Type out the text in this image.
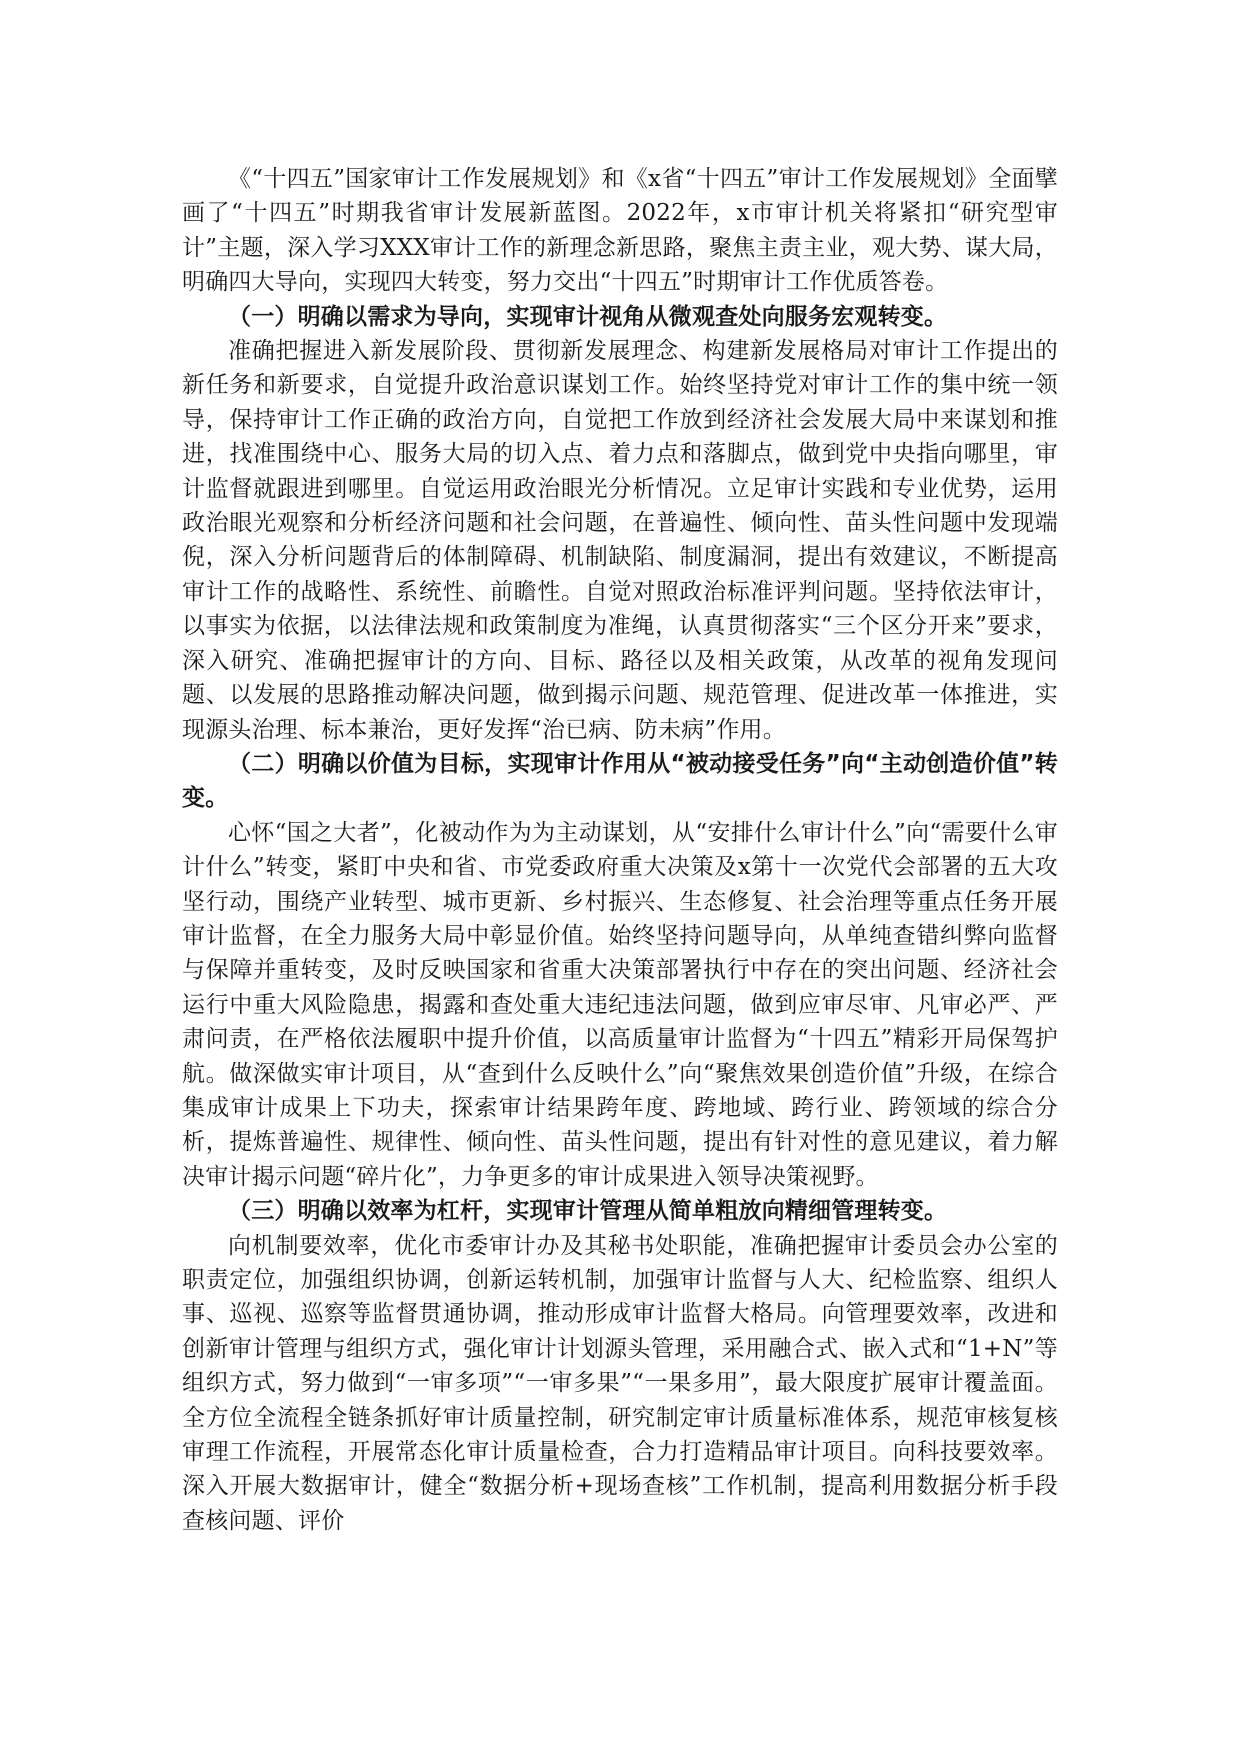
《“十四五”国家审计工作发展规划》和《x省“十四五”审计工作发展规划》全面擘画了“十四五”时期我省审计发展新蓝图。2022年，x市审计机关将紧扣“研究型审计”主题，深入学习XXX审计工作的新理念新思路，聚焦主责主业，观大势、谋大局，明确四大导向，实现四大转变，努力交出“十四五”时期审计工作优质答卷。

（一）明确以需求为导向，实现审计视角从微观查处向服务宏观转变。

准确把握进入新发展阶段、贯彻新发展理念、构建新发展格局对审计工作提出的新任务和新要求，自觉提升政治意识谋划工作。始终坚持党对审计工作的集中统一领导，保持审计工作正确的政治方向，自觉把工作放到经济社会发展大局中来谋划和推进，找准围绕中心、服务大局的切入点、着力点和落脚点，做到党中央指向哪里，审计监督就跟进到哪里。自觉运用政治眼光分析情况。立足审计实践和专业优势，运用政治眼光观察和分析经济问题和社会问题，在普遍性、倾向性、苗头性问题中发现端倪，深入分析问题背后的体制障碍、机制缺陷、制度漏洞，提出有效建议，不断提高审计工作的战略性、系统性、前瞻性。自觉对照政治标准评判问题。坚持依法审计，以事实为依据，以法律法规和政策制度为准绳，认真贯彻落实“三个区分开来”要求，深入研究、准确把握审计的方向、目标、路径以及相关政策，从改革的视角发现问题、以发展的思路推动解决问题，做到揭示问题、规范管理、促进改革一体推进，实现源头治理、标本兼治，更好发挥“治已病、防未病”作用。

（二）明确以价值为目标，实现审计作用从“被动接受任务”向“主动创造价值”转变。

心怀“国之大者”，化被动作为为主动谋划，从“安排什么审计什么”向“需要什么审计什么”转变，紧盯中央和省、市党委政府重大决策及x第十一次党代会部署的五大攻坚行动，围绕产业转型、城市更新、乡村振兴、生态修复、社会治理等重点任务开展审计监督，在全力服务大局中彰显价值。始终坚持问题导向，从单纯查错纠弊向监督与保障并重转变，及时反映国家和省重大决策部署执行中存在的突出问题、经济社会运行中重大风险隐患，揭露和查处重大违纪违法问题，做到应审尽审、凡审必严、严肃问责，在严格依法履职中提升价值，以高质量审计监督为“十四五”精彩开局保驾护航。做深做实审计项目，从“查到什么反映什么”向“聚焦效果创造价值”升级，在综合集成审计成果上下功夫，探索审计结果跨年度、跨地域、跨行业、跨领域的综合分析，提炼普遍性、规律性、倾向性、苗头性问题，提出有针对性的意见建议，着力解决审计揭示问题“碎片化”，力争更多的审计成果进入领导决策视野。

（三）明确以效率为杠杆，实现审计管理从简单粗放向精细管理转变。

向机制要效率，优化市委审计办及其秘书处职能，准确把握审计委员会办公室的职责定位，加强组织协调，创新运转机制，加强审计监督与人大、纪检监察、组织人事、巡视、巡察等监督贯通协调，推动形成审计监督大格局。向管理要效率，改进和创新审计管理与组织方式，强化审计计划源头管理，采用融合式、嵌入式和“1+N”等组织方式，努力做到“一审多项”“一审多果”“一果多用”，最大限度扩展审计覆盖面。全方位全流程全链条抓好审计质量控制，研究制定审计质量标准体系，规范审核复核审理工作流程，开展常态化审计质量检查，合力打造精品审计项目。向科技要效率。深入开展大数据审计，健全“数据分析+现场查核”工作机制，提高利用数据分析手段查核问题、评价
